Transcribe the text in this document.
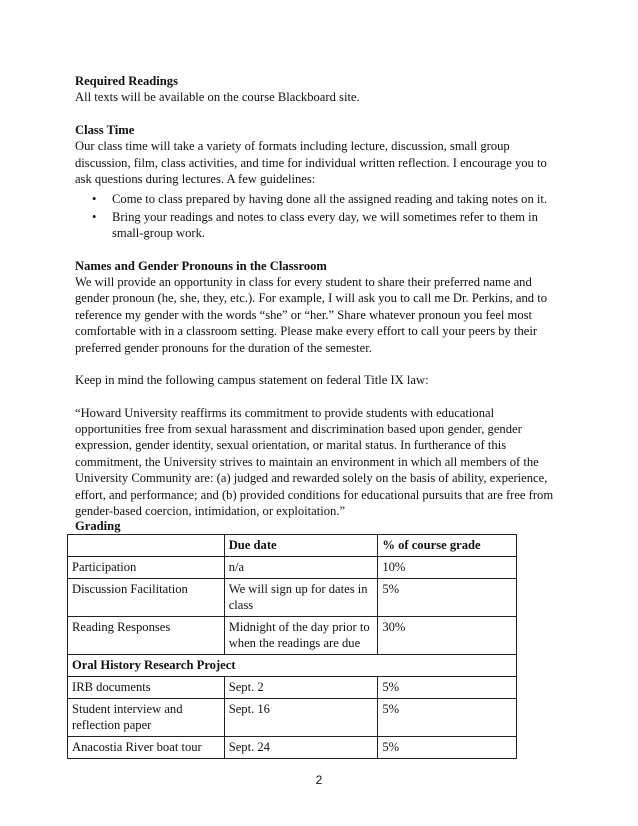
Required Readings

All texts will be available on the course Blackboard site.

Class Time

Our class time will take a variety of formats including lecture, discussion, small group discussion, film, class activities, and time for individual written reflection. I encourage you to ask questions during lectures. A few guidelines:

• Come to class prepared by having done all the assigned reading and taking notes on it.
• Bring your readings and notes to class every day, we will sometimes refer to them in small-group work.
Names and Gender Pronouns in the Classroom

We will provide an opportunity in class for every student to share their preferred name and gender pronoun (he, she, they, etc.). For example, I will ask you to call me Dr. Perkins, and to reference my gender with the words “she” or “her.” Share whatever pronoun you feel most comfortable with in a classroom setting. Please make every effort to call your peers by their preferred gender pronouns for the duration of the semester.

Keep in mind the following campus statement on federal Title IX law:

“Howard University reaffirms its commitment to provide students with educational opportunities free from sexual harassment and discrimination based upon gender, gender expression, gender identity, sexual orientation, or marital status. In furtherance of this commitment, the University strives to maintain an environment in which all members of the University Community are: (a) judged and rewarded solely on the basis of ability, experience, effort, and performance; and (b) provided conditions for educational pursuits that are free from gender-based coercion, intimidation, or exploitation.”

Grading
	Due date	% of course grade
Participation	n/a	10%
Discussion Facilitation	We will sign up for dates in class	5%
Reading Responses	Midnight of the day prior to when the readings are due	30%
Oral History Research Project		
IRB documents	Sept. 2	5%
Student interview and reflection paper	Sept. 16	5%
Anacostia River boat tour	Sept. 24	5%
2
